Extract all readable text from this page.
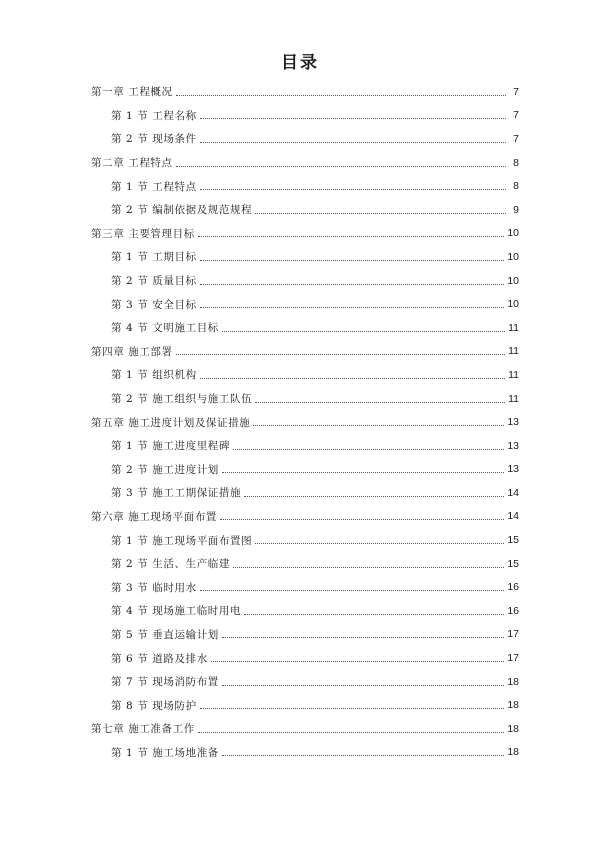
目录
第一章 工程概况	7
第 1 节 工程名称	7
第 2 节 现场条件	7
第二章 工程特点	8
第 1 节 工程特点	8
第 2 节 编制依据及规范规程	9
第三章 主要管理目标	10
第 1 节 工期目标	10
第 2 节 质量目标	10
第 3 节 安全目标	10
第 4 节 文明施工目标	11
第四章 施工部署	11
第 1 节 组织机构	11
第 2 节 施工组织与施工队伍	11
第五章 施工进度计划及保证措施	13
第 1 节 施工进度里程碑	13
第 2 节 施工进度计划	13
第 3 节 施工工期保证措施	14
第六章 施工现场平面布置	14
第 1 节 施工现场平面布置图	15
第 2 节 生活、生产临建	15
第 3 节 临时用水	16
第 4 节 现场施工临时用电	16
第 5 节 垂直运输计划	17
第 6 节 道路及排水	17
第 7 节 现场消防布置	18
第 8 节 现场防护	18
第七章 施工准备工作	18
第 1 节 施工场地准备	18
